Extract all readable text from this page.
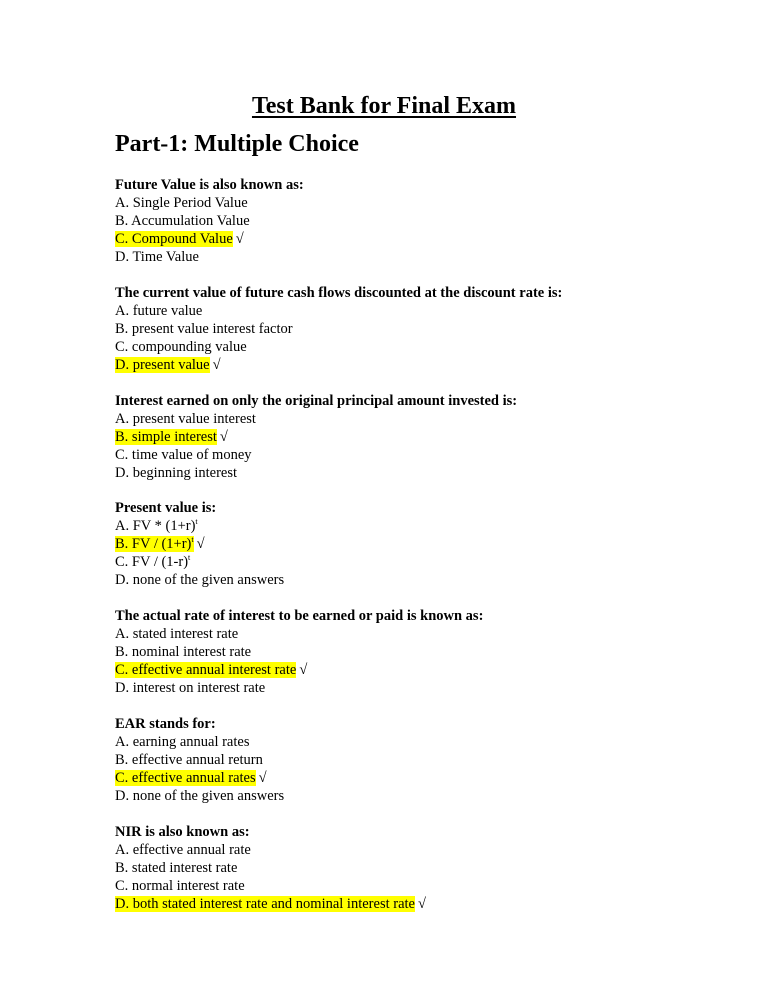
Test Bank for Final Exam
Part-1: Multiple Choice
Future Value is also known as:
A. Single Period Value
B. Accumulation Value
C. Compound Value √
D. Time Value
The current value of future cash flows discounted at the discount rate is:
A. future value
B. present value interest factor
C. compounding value
D. present value √
Interest earned on only the original principal amount invested is:
A. present value interest
B. simple interest √
C. time value of money
D. beginning interest
Present value is:
A. FV * $(1+r)^t$
B. FV / $(1+r)^t$ √
C. FV / $(1-r)^t$
D. none of the given answers
The actual rate of interest to be earned or paid is known as:
A. stated interest rate
B. nominal interest rate
C. effective annual interest rate √
D. interest on interest rate
EAR stands for:
A. earning annual rates
B. effective annual return
C. effective annual rates √
D. none of the given answers
NIR is also known as:
A. effective annual rate
B. stated interest rate
C. normal interest rate
D. both stated interest rate and nominal interest rate √
